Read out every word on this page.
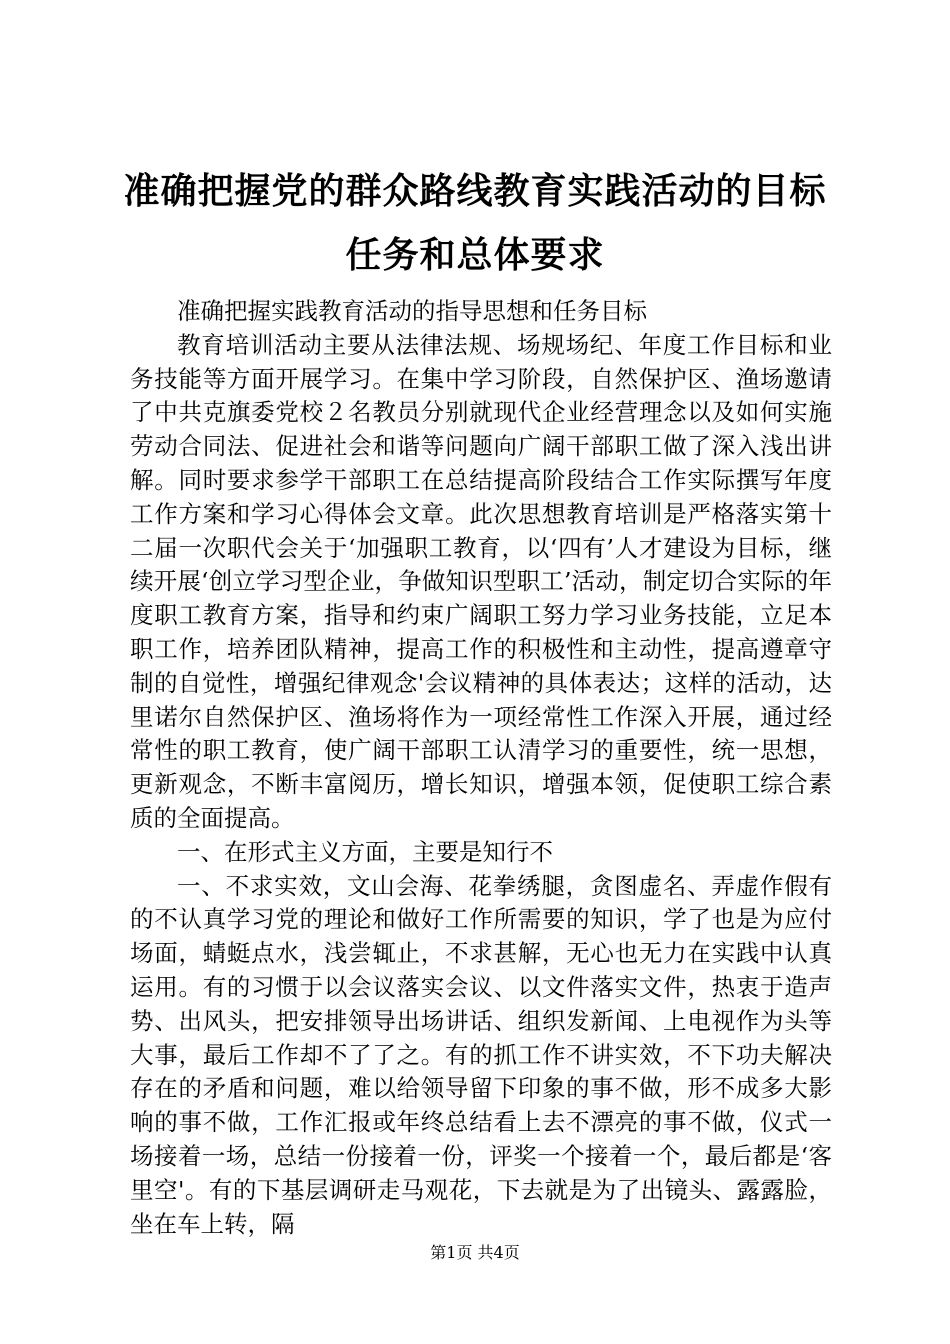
准确把握党的群众路线教育实践活动的目标任务和总体要求

准确把握实践教育活动的指导思想和任务目标

教育培训活动主要从法律法规、场规场纪、年度工作目标和业务技能等方面开展学习。在集中学习阶段，自然保护区、渔场邀请了中共克旗委党校２名教员分别就现代企业经营理念以及如何实施劳动合同法、促进社会和谐等问题向广阔干部职工做了深入浅出讲解。同时要求参学干部职工在总结提高阶段结合工作实际撰写年度工作方案和学习心得体会文章。此次思想教育培训是严格落实第十二届一次职代会关于‘加强职工教育，以‘四有’人才建设为目标，继续开展‘创立学习型企业，争做知识型职工’活动，制定切合实际的年度职工教育方案，指导和约束广阔职工努力学习业务技能，立足本职工作，培养团队精神，提高工作的积极性和主动性，提高遵章守制的自觉性，增强纪律观念'会议精神的具体表达；这样的活动，达里诺尔自然保护区、渔场将作为一项经常性工作深入开展，通过经常性的职工教育，使广阔干部职工认清学习的重要性，统一思想，更新观念，不断丰富阅历，增长知识，增强本领，促使职工综合素质的全面提高。

一、在形式主义方面，主要是知行不

一、不求实效，文山会海、花拳绣腿，贪图虚名、弄虚作假有的不认真学习党的理论和做好工作所需要的知识，学了也是为应付场面，蜻蜓点水，浅尝辄止，不求甚解，无心也无力在实践中认真运用。有的习惯于以会议落实会议、以文件落实文件，热衷于造声势、出风头，把安排领导出场讲话、组织发新闻、上电视作为头等大事，最后工作却不了了之。有的抓工作不讲实效，不下功夫解决存在的矛盾和问题，难以给领导留下印象的事不做，形不成多大影响的事不做，工作汇报或年终总结看上去不漂亮的事不做，仪式一场接着一场，总结一份接着一份，评奖一个接着一个，最后都是‘客里空'。有的下基层调研走马观花，下去就是为了出镜头、露露脸，坐在车上转，隔

第1页 共4页
